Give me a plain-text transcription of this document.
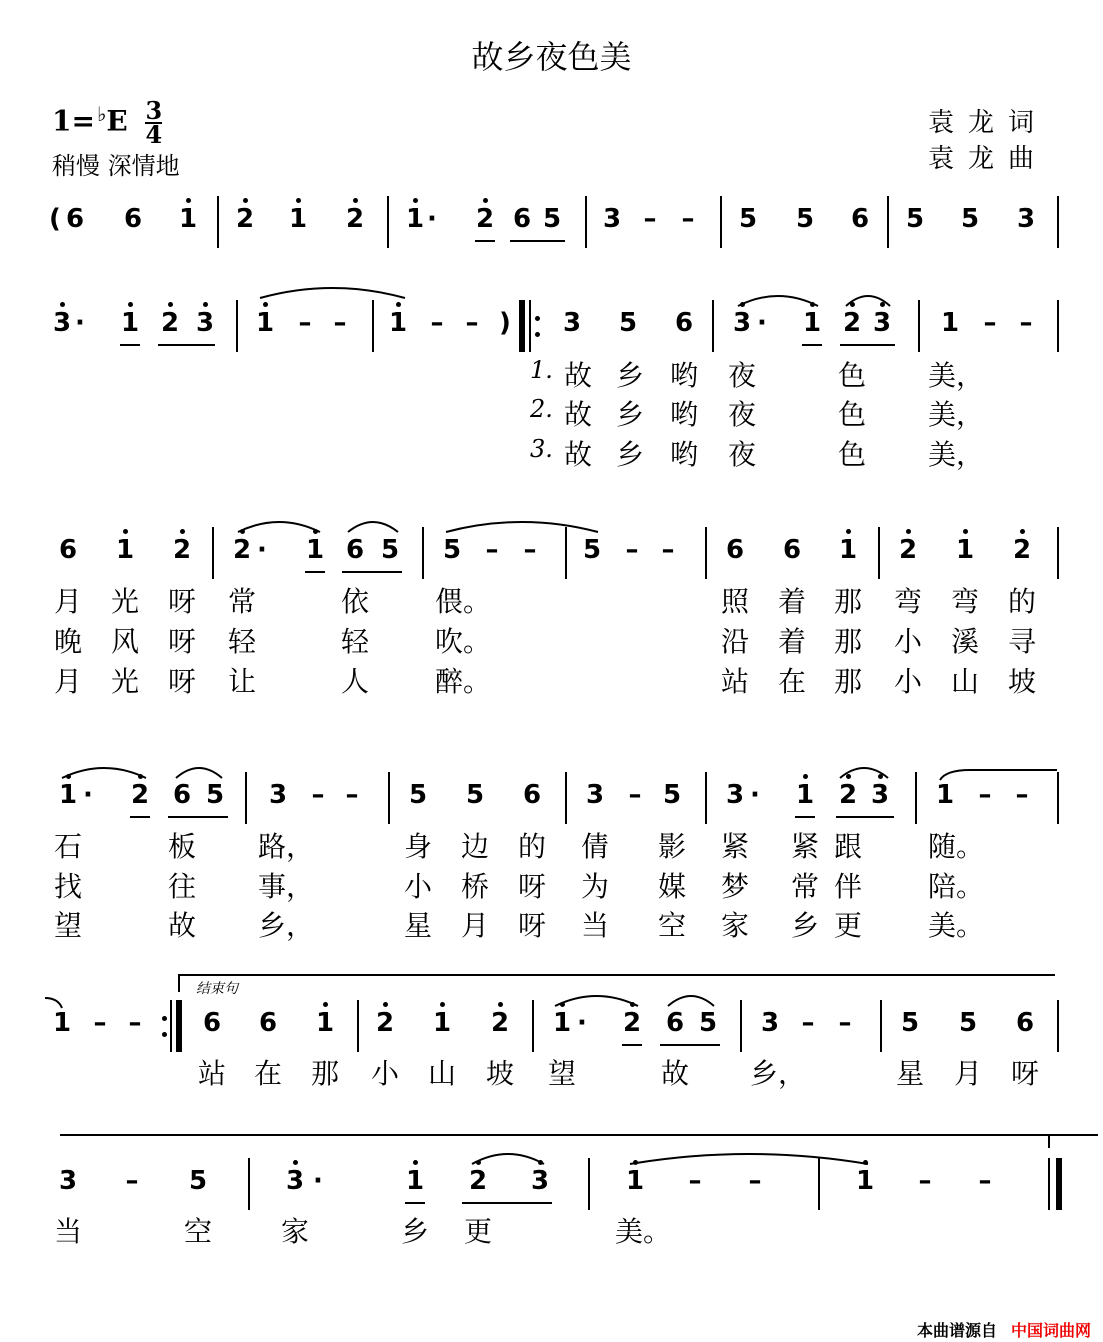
故乡夜色美
$1= ^♭E \frac{3}{4}$
稍慢 深情地
袁龙词
袁龙曲
6 6 1 2 1 2 1 · 2 6 5 3 – – 5 5 6 5 5 3
(
3 · 1 2 3 1 – – 1 – –	3 5 6 3 · 1 2 3 1 – –
)
1. 故 乡 哟 夜	色 美，
2. 故 乡 哟 夜	色 美，
3. 故 乡 哟 夜	色 美，
6 1 2 2 · 1 6 5 5 – – 5 – – 6 6 1 2 1 2
月 光 呀 常	依 偎。	照 着 那 弯 弯 的
晚 风 呀 轻	轻 吹。	沿 着 那 小 溪 寻
月 光 呀 让	人 醉。	站 在 那 小 山 坡
1 · 2 6 5 3 – – 5 5 6 3 – 5 3 · 1 2 3 1 – –
石	板 路，	身 边 的 倩 影 紧 紧 跟 随。
找	往 事，	小 桥 呀 为 媒 梦 常 伴 陪。
望	故 乡，	星 月 呀 当 空 家 乡 更 美。
1 – – 6 6 1 2 1 2 1 · 2 6 5 3 – – 5 5 6
站 在 那 小 山 坡 望	故 乡，	星 月 呀
3 – 5	3 ·	1 2 3	1 – –	1 – –
当	空 家	乡 更	美。
结束句
本曲谱源自 中国词曲网
